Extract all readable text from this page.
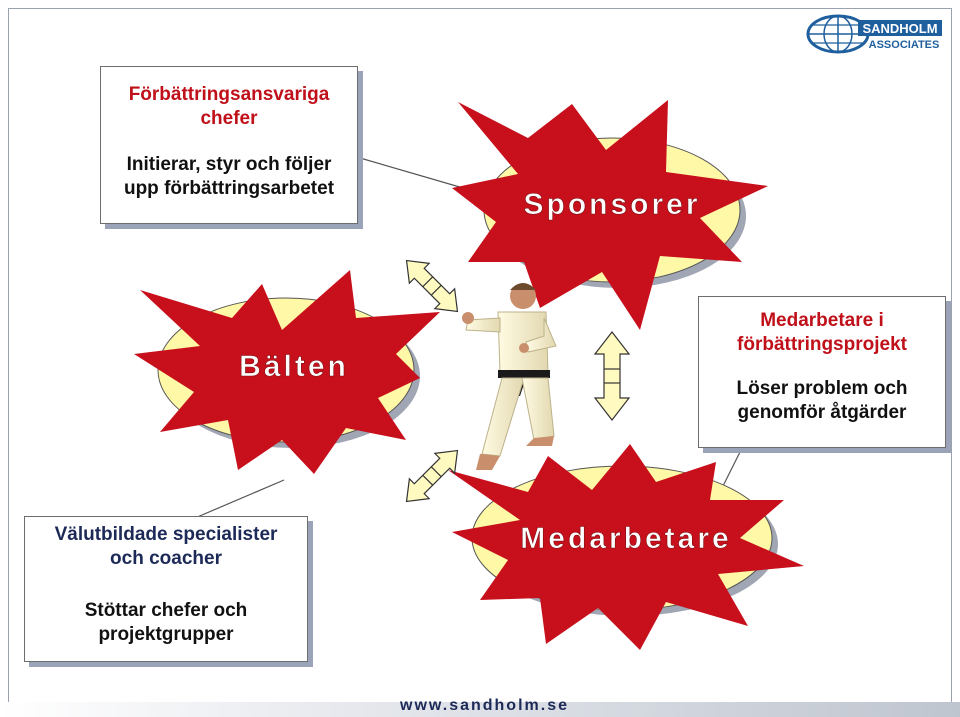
Sponsorer
Bälten
Medarbetare
SANDHOLM
ASSOCIATES
Förbättringsansvariga chefer
Initierar, styr och följer upp förbättringsarbetet
Medarbetare i förbättringsprojekt
Löser problem och genomför åtgärder
Välutbildade specialister och coacher
Stöttar chefer och projektgrupper
www.sandholm.se
